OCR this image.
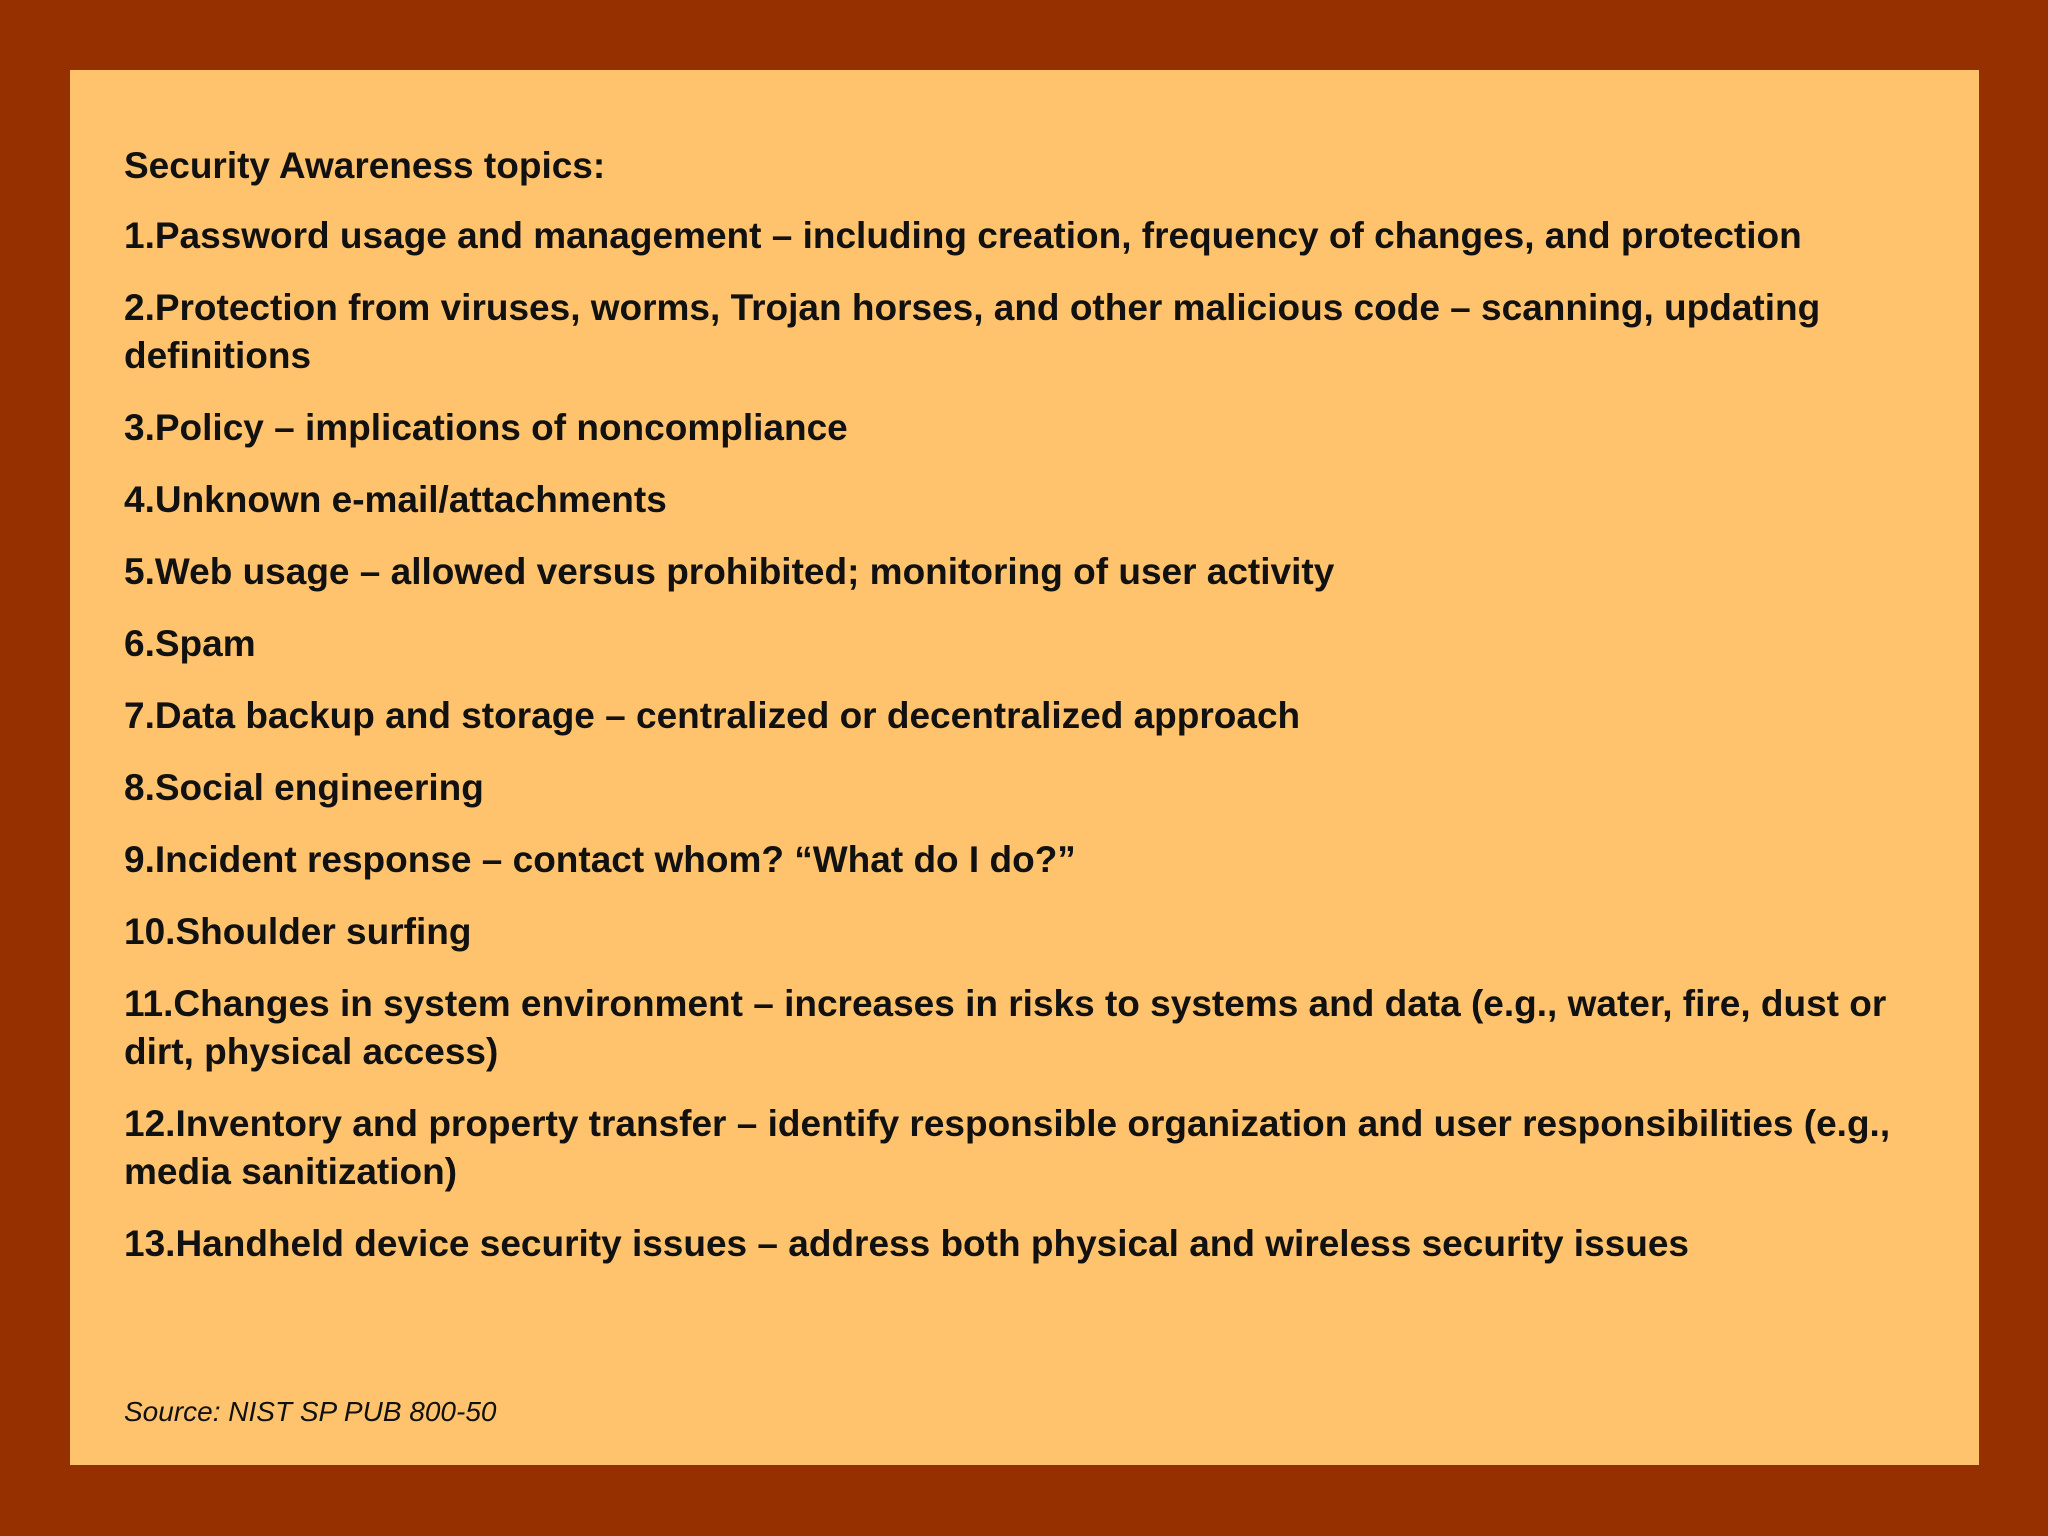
Security Awareness topics:
1.Password usage and management – including creation, frequency of changes, and protection
2.Protection from viruses, worms, Trojan horses, and other malicious code – scanning, updating definitions
3.Policy – implications of noncompliance
4.Unknown e-mail/attachments
5.Web usage – allowed versus prohibited; monitoring of user activity
6.Spam
7.Data backup and storage – centralized or decentralized approach
8.Social engineering
9.Incident response – contact whom? “What do I do?”
10.Shoulder surfing
11.Changes in system environment – increases in risks to systems and data (e.g., water, fire, dust or dirt, physical access)
12.Inventory and property transfer – identify responsible organization and user responsibilities (e.g., media sanitization)
13.Handheld device security issues – address both physical and wireless security issues
Source: NIST SP PUB 800-50
